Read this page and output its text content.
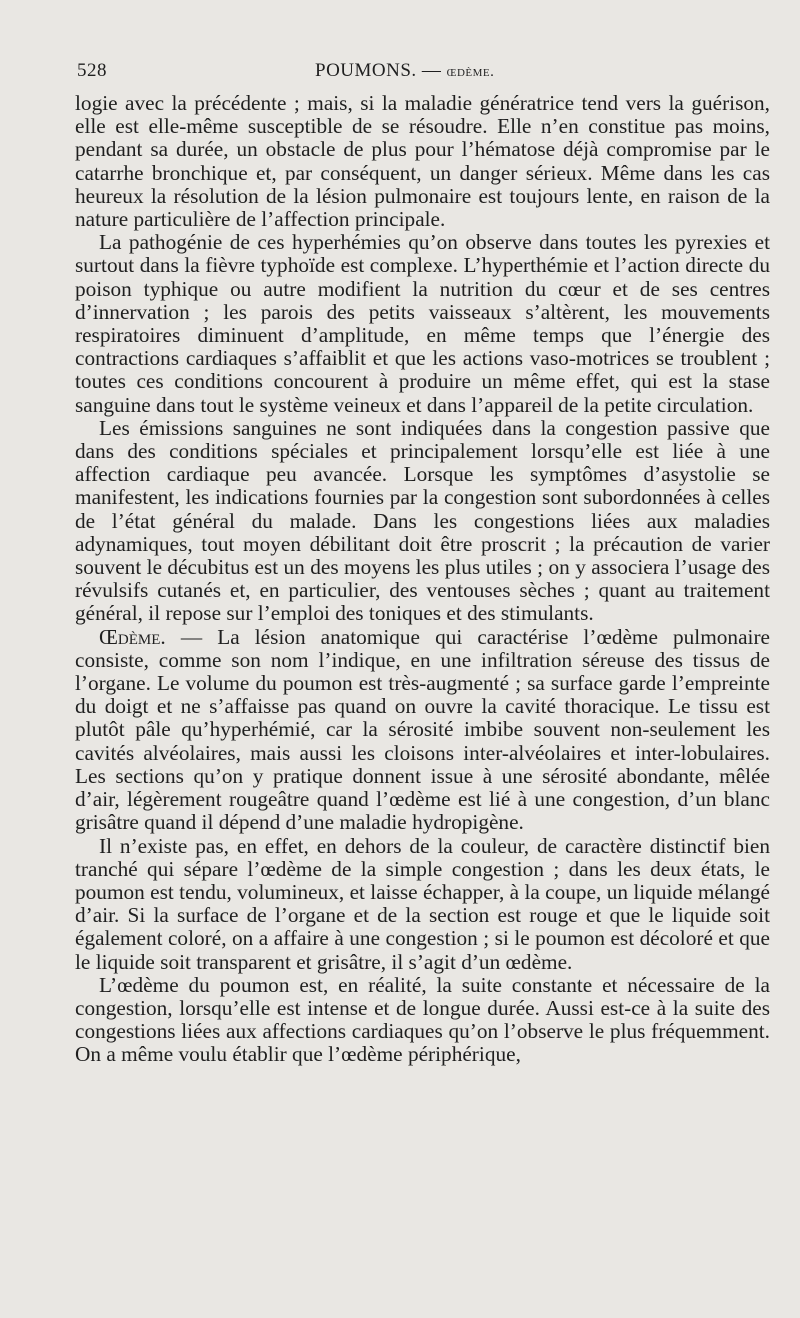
528	POUMONS. — œdème.

logie avec la précédente ; mais, si la maladie génératrice tend vers la guérison, elle est elle-même susceptible de se résoudre. Elle n’en constitue pas moins, pendant sa durée, un obstacle de plus pour l’hématose déjà compromise par le catarrhe bronchique et, par conséquent, un danger sérieux. Même dans les cas heureux la résolution de la lésion pulmonaire est toujours lente, en raison de la nature particulière de l’affection principale.

La pathogénie de ces hyperhémies qu’on observe dans toutes les pyrexies et surtout dans la fièvre typhoïde est complexe. L’hyperthémie et l’action directe du poison typhique ou autre modifient la nutrition du cœur et de ses centres d’innervation ; les parois des petits vaisseaux s’altèrent, les mouvements respiratoires diminuent d’amplitude, en même temps que l’énergie des contractions cardiaques s’affaiblit et que les actions vaso-motrices se troublent ; toutes ces conditions concourent à produire un même effet, qui est la stase sanguine dans tout le système veineux et dans l’appareil de la petite circulation.

Les émissions sanguines ne sont indiquées dans la congestion passive que dans des conditions spéciales et principalement lorsqu’elle est liée à une affection cardiaque peu avancée. Lorsque les symptômes d’asystolie se manifestent, les indications fournies par la congestion sont subordonnées à celles de l’état général du malade. Dans les congestions liées aux maladies adynamiques, tout moyen débilitant doit être proscrit ; la précaution de varier souvent le décubitus est un des moyens les plus utiles ; on y associera l’usage des révulsifs cutanés et, en particulier, des ventouses sèches ; quant au traitement général, il repose sur l’emploi des toniques et des stimulants.

Œdème. — La lésion anatomique qui caractérise l’œdème pulmonaire consiste, comme son nom l’indique, en une infiltration séreuse des tissus de l’organe. Le volume du poumon est très-augmenté ; sa surface garde l’empreinte du doigt et ne s’affaisse pas quand on ouvre la cavité thoracique. Le tissu est plutôt pâle qu’hyperhémié, car la sérosité imbibe souvent non-seulement les cavités alvéolaires, mais aussi les cloisons inter-alvéolaires et inter-lobulaires. Les sections qu’on y pratique donnent issue à une sérosité abondante, mêlée d’air, légèrement rougeâtre quand l’œdème est lié à une congestion, d’un blanc grisâtre quand il dépend d’une maladie hydropigène.

Il n’existe pas, en effet, en dehors de la couleur, de caractère distinctif bien tranché qui sépare l’œdème de la simple congestion ; dans les deux états, le poumon est tendu, volumineux, et laisse échapper, à la coupe, un liquide mélangé d’air. Si la surface de l’organe et de la section est rouge et que le liquide soit également coloré, on a affaire à une congestion ; si le poumon est décoloré et que le liquide soit transparent et grisâtre, il s’agit d’un œdème.

L’œdème du poumon est, en réalité, la suite constante et nécessaire de la congestion, lorsqu’elle est intense et de longue durée. Aussi est-ce à la suite des congestions liées aux affections cardiaques qu’on l’observe le plus fréquemment. On a même voulu établir que l’œdème périphérique,
